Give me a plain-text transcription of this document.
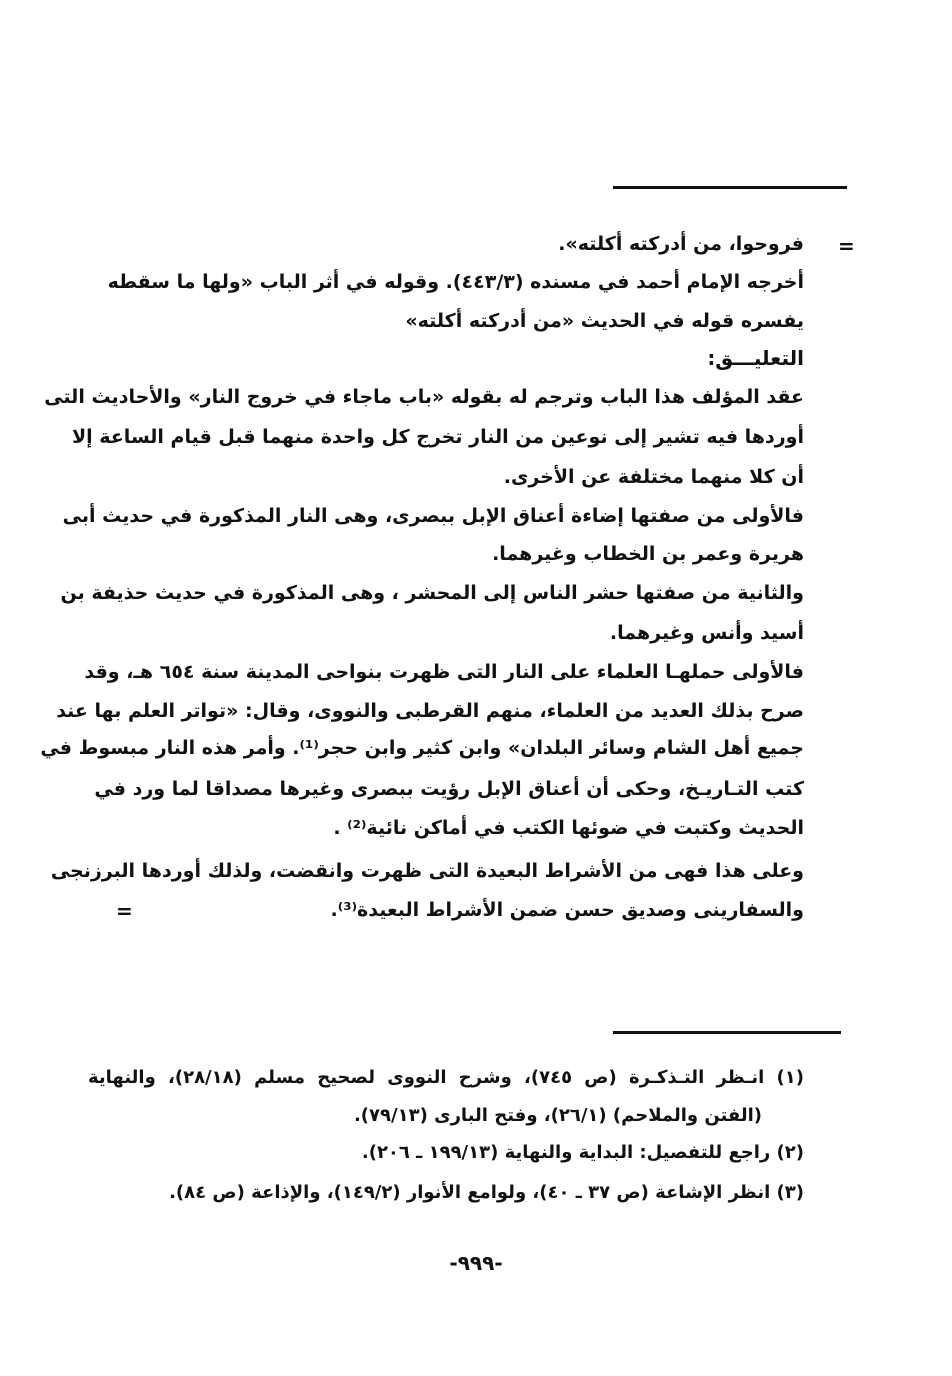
=
فروحوا، من أدركته أكلته».
أخرجه الإمام أحمد في مسنده (٤٤٣/٣). وقوله في أثر الباب «ولها ما سقطه
يفسره قوله في الحديث «من أدركته أكلته»
التعليـــق:
عقد المؤلف هذا الباب وترجم له بقوله «باب ماجاء في خروج النار» والأحاديث التى
أوردها فيه تشير إلى نوعين من النار تخرج كل واحدة منهما قبل قيام الساعة إلا
أن كلا منهما مختلفة عن الأخرى.
فالأولى من صفتها إضاءة أعناق الإبل ببصرى، وهى النار المذكورة في حديث أبى
هريرة وعمر بن الخطاب وغيرهما.
والثانية من صفتها حشر الناس إلى المحشر ، وهى المذكورة في حديث حذيفة بن
أسيد وأنس وغيرهما.
فالأولى حملهـا العلماء على النار التى ظهرت بنواحى المدينة سنة ٦٥٤ هـ، وقد
صرح بذلك العديد من العلماء، منهم القرطبى والنووى، وقال: «تواتر العلم بها عند
جميع أهل الشام وسائر البلدان» وابن كثير وابن حجر⁽¹⁾. وأمر هذه النار مبسوط في
كتب التـاريـخ، وحكى أن أعناق الإبل رؤيت ببصرى وغيرها مصداقا لما ورد في
الحديث وكتبت في ضوئها الكتب في أماكن نائية⁽²⁾ .
وعلى هذا فهى من الأشراط البعيدة التى ظهرت وانقضت، ولذلك أوردها البرزنجى
والسفارينى وصديق حسن ضمن الأشراط البعيدة⁽³⁾.
=
(١) انـظر التـذكـرة (ص ٧٤٥)، وشرح النووى لصحيح مسلم (٢٨/١٨)، والنهاية
(الفتن والملاحم) (٢٦/١)، وفتح البارى (٧٩/١٣).
(٢) راجع للتفصيل: البداية والنهاية (١٩٩/١٣ ـ ٢٠٦).
(٣) انظر الإشاعة (ص ٣٧ ـ ٤٠)، ولوامع الأنوار (١٤٩/٢)، والإذاعة (ص ٨٤).
-٩٩٩-
